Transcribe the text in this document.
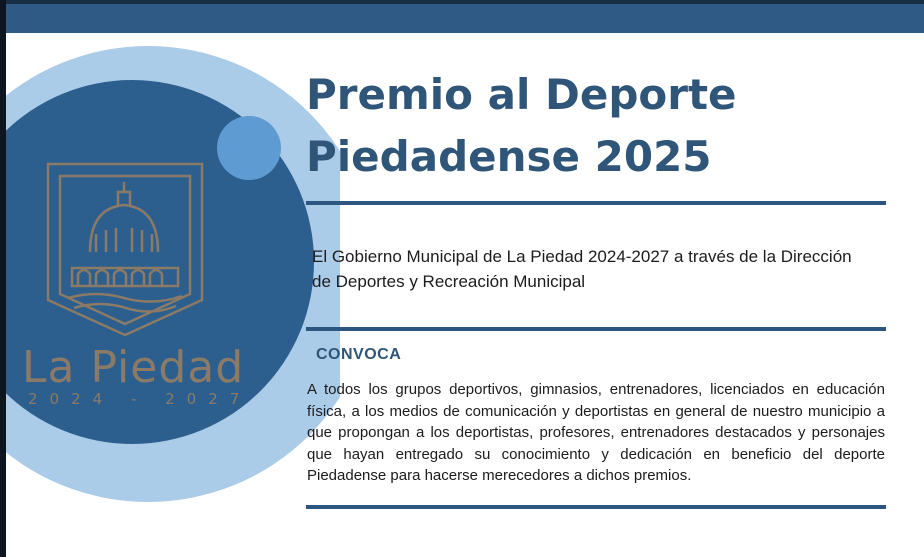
La Piedad
2024 - 2027
Premio al Deporte
Piedadense 2025
El Gobierno Municipal de La Piedad 2024-2027 a través de la Dirección de Deportes y Recreación Municipal
CONVOCA
A todos los grupos deportivos, gimnasios, entrenadores, licenciados en educación física, a los medios de comunicación y deportistas en general de nuestro municipio a que propongan a los deportistas, profesores, entrenadores destacados y personajes que hayan entregado su conocimiento y dedicación en beneficio del deporte Piedadense para hacerse merecedores a dichos premios.
